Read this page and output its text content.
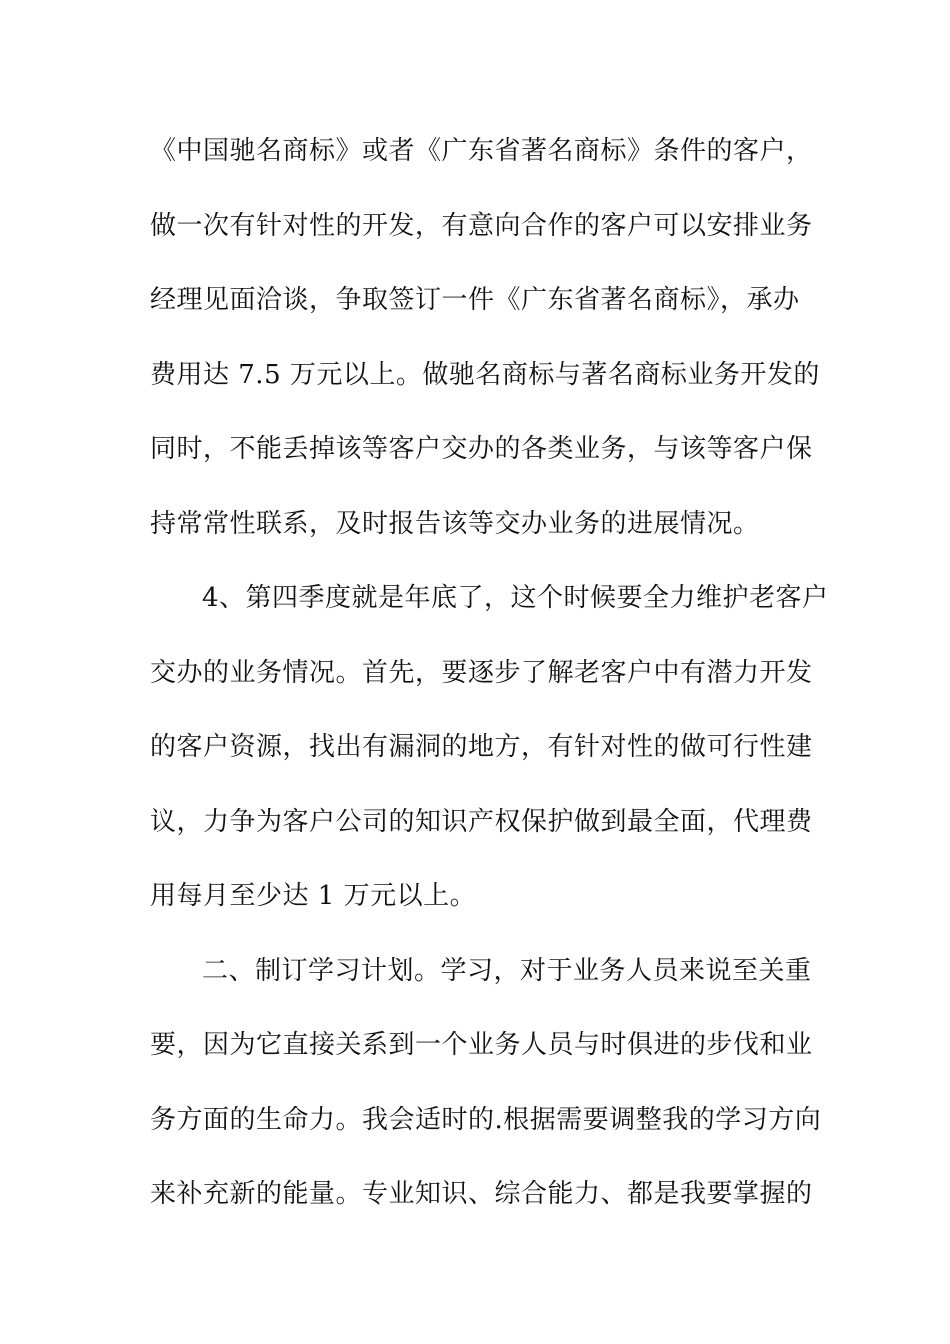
《中国驰名商标》或者《广东省著名商标》条件的客户，
做一次有针对性的开发，有意向合作的客户可以安排业务
经理见面洽谈，争取签订一件《广东省著名商标》，承办
费用达 7.5 万元以上。做驰名商标与著名商标业务开发的
同时，不能丢掉该等客户交办的各类业务，与该等客户保
持常常性联系，及时报告该等交办业务的进展情况。
4、第四季度就是年底了，这个时候要全力维护老客户
交办的业务情况。首先，要逐步了解老客户中有潜力开发
的客户资源，找出有漏洞的地方，有针对性的做可行性建
议，力争为客户公司的知识产权保护做到最全面，代理费
用每月至少达 1 万元以上。
二、制订学习计划。学习，对于业务人员来说至关重
要，因为它直接关系到一个业务人员与时俱进的步伐和业
务方面的生命力。我会适时的.根据需要调整我的学习方向
来补充新的能量。专业知识、综合能力、都是我要掌握的
